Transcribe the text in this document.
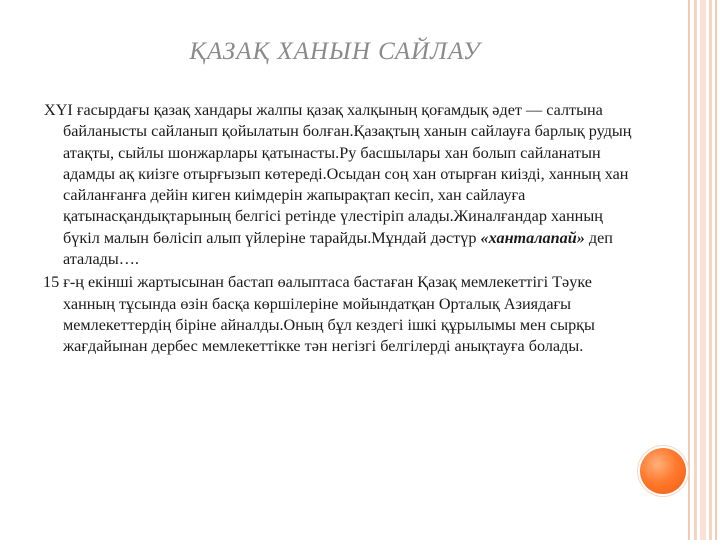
ҚАЗАҚ ХАНЫН САЙЛАУ

XYI ғасырдағы қазақ хандары жалпы қазақ халқының қоғамдық әдет — салтына байланысты сайланып қойылатын болған.Қазақтың ханын сайлауға барлық рудың атақты, сыйлы шонжарлары қатынасты.Ру басшылары хан болып сайланатын адамды ақ киізге отырғызып көтереді.Осыдан соң хан отырған киізді, ханның хан сайланғанға дейін киген киімдерін жапырақтап кесіп, хан сайлауға қатынасқандықтарының белгісі ретінде үлестіріп алады.Жиналғандар ханның бүкіл малын бөлісіп алып үйлеріне тарайды.Мұндай дәстүр «ханталапай» деп аталады….

15 ғ-ң екінші жартысынан бастап өалыптаса бастаған Қазақ мемлекеттігі Тәуке ханның тұсында өзін басқа көршілеріне мойындатқан Орталық Азиядағы мемлекеттердің біріне айналды.Оның бұл кездегі ішкі құрылымы мен сырқы жағдайынан дербес мемлекеттікке тән негізгі белгілерді анықтауға болады.
